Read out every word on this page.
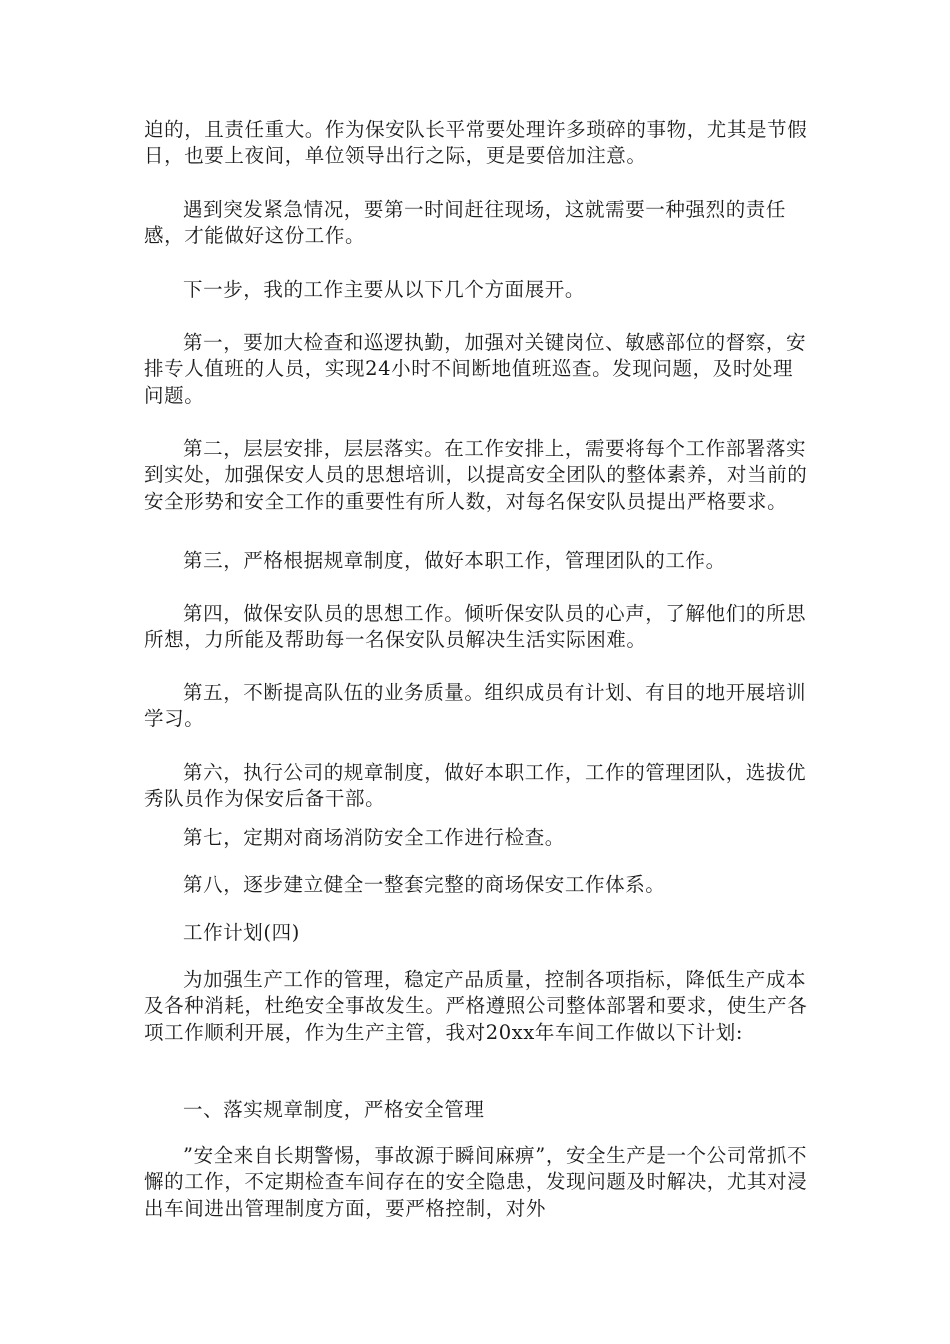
迫的，且责任重大。作为保安队长平常要处理许多琐碎的事物，尤其是节假日，也要上夜间，单位领导出行之际，更是要倍加注意。

遇到突发紧急情况，要第一时间赶往现场，这就需要一种强烈的责任感，才能做好这份工作。

下一步，我的工作主要从以下几个方面展开。

第一，要加大检查和巡逻执勤，加强对关键岗位、敏感部位的督察，安排专人值班的人员，实现24小时不间断地值班巡查。发现问题，及时处理问题。

第二，层层安排，层层落实。在工作安排上，需要将每个工作部署落实到实处，加强保安人员的思想培训，以提高安全团队的整体素养，对当前的安全形势和安全工作的重要性有所人数，对每名保安队员提出严格要求。

第三，严格根据规章制度，做好本职工作，管理团队的工作。

第四，做保安队员的思想工作。倾听保安队员的心声，了解他们的所思所想，力所能及帮助每一名保安队员解决生活实际困难。

第五，不断提高队伍的业务质量。组织成员有计划、有目的地开展培训学习。

第六，执行公司的规章制度，做好本职工作，工作的管理团队，选拔优秀队员作为保安后备干部。

第七，定期对商场消防安全工作进行检查。

第八，逐步建立健全一整套完整的商场保安工作体系。

工作计划(四)

为加强生产工作的管理，稳定产品质量，控制各项指标，降低生产成本及各种消耗，杜绝安全事故发生。严格遵照公司整体部署和要求，使生产各项工作顺利开展，作为生产主管，我对20xx年车间工作做以下计划:

一、落实规章制度，严格安全管理

”安全来自长期警惕，事故源于瞬间麻痹”，安全生产是一个公司常抓不懈的工作，不定期检查车间存在的安全隐患，发现问题及时解决，尤其对浸出车间进出管理制度方面，要严格控制，对外
